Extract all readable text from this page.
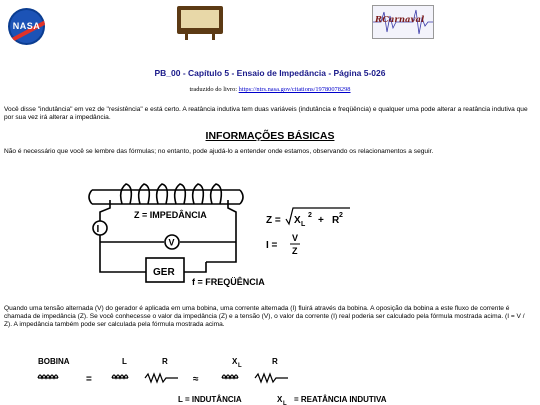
NASA
RCarnaval
PB_00 - Capítulo 5 - Ensaio de Impedância - Página 5-026
traduzido do livro: https://ntrs.nasa.gov/citations/19780078298
Você disse "indutância" em vez de "resistência" e está certo. A reatância indutiva tem duas variáveis (indutância e freqüência) e qualquer uma pode alterar a reatância indutiva que por sua vez irá alterar a impedância.
INFORMAÇÕES BÁSICAS
Não é necessário que você se lembre das fórmulas; no entanto, pode ajudá-lo a entender onde estamos, observando os relacionamentos a seguir.
I
V
Z = IMPEDÂNCIA
GER
f = FREQÜÊNCIA
Z = X L
2 + R 2
I =
V
Z
Quando uma tensão alternada (V) do gerador é aplicada em uma bobina, uma corrente alternada (I) fluirá através da bobina. A oposição da bobina a este fluxo de corrente é chamada de impedância (Z). Se você conhecesse o valor da impedância (Z) e a tensão (V), o valor da corrente (I) real poderia ser calculado pela fórmula mostrada acima. (I = V / Z). A impedância também pode ser calculada pela fórmula mostrada acima.
BOBINA	L	R	X L	R
=	≈
L = INDUTÂNCIA	X L = REATÂNCIA INDUTIVA
